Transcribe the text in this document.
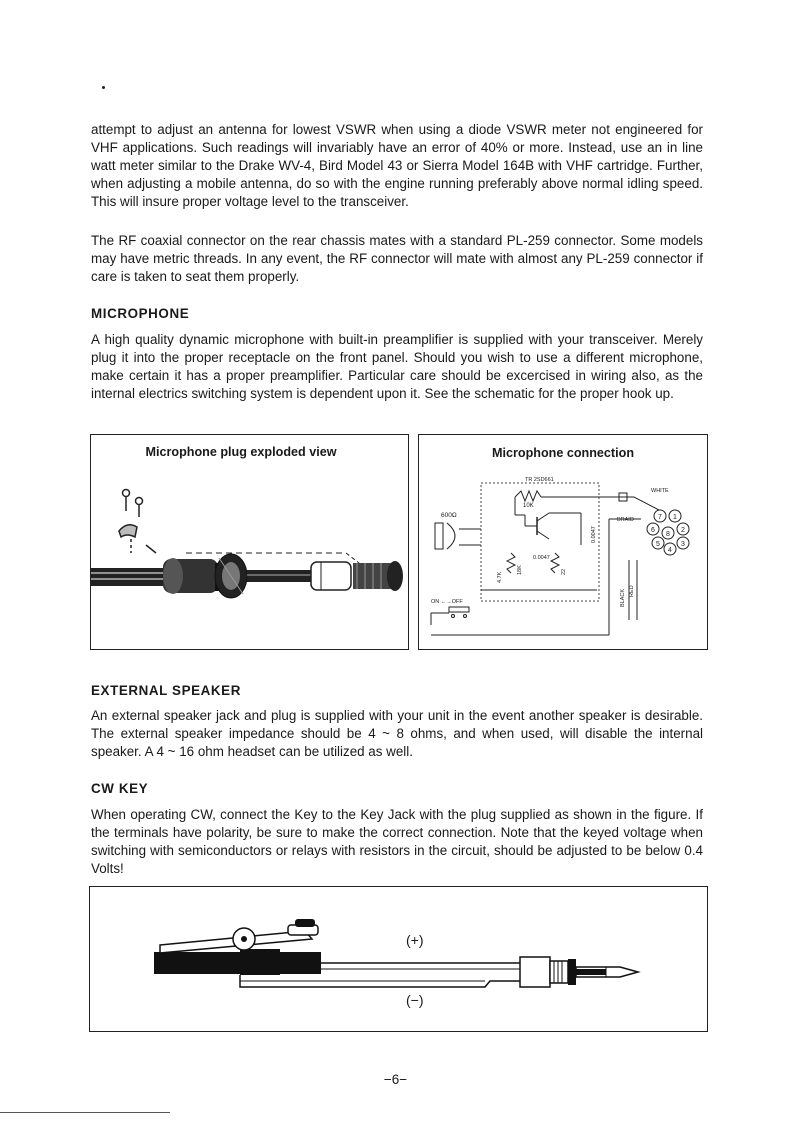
attempt to adjust an antenna for lowest VSWR when using a diode VSWR meter not engineered for VHF applications. Such readings will invariably have an error of 40% or more. Instead, use an in line watt meter similar to the Drake WV-4, Bird Model 43 or Sierra Model 164B with VHF cartridge. Further, when adjusting a mobile antenna, do so with the engine running preferably above normal idling speed. This will insure proper voltage level to the transceiver.

The RF coaxial connector on the rear chassis mates with a standard PL-259 connector. Some models may have metric threads. In any event, the RF connector will mate with almost any PL-259 connector if care is taken to seat them properly.

MICROPHONE

A high quality dynamic microphone with built-in preamplifier is supplied with your transceiver. Merely plug it into the proper receptacle on the front panel. Should you wish to use a different microphone, make certain it has a proper preamplifier. Particular care should be excercised in wiring also, as the internal electrics switching system is dependent upon it. See the schematic for the proper hook up.

Microphone plug exploded view	Microphone connection
TR 2SD661
10K
600Ω
4.7K
18K
0.0047
22
0.0047
ON ←→OFF
WHITE
BRAID
BLACK RED
7 1
6
8
2
5
4
3
EXTERNAL SPEAKER

An external speaker jack and plug is supplied with your unit in the event another speaker is desirable. The external speaker impedance should be 4 ~ 8 ohms, and when used, will disable the internal speaker. A 4 ~ 16 ohm headset can be utilized as well.

CW KEY

When operating CW, connect the Key to the Key Jack with the plug supplied as shown in the figure. If the terminals have polarity, be sure to make the correct connection. Note that the keyed voltage when switching with semiconductors or relays with resistors in the circuit, should be adjusted to be below 0.4 Volts!

(+)
(−)
−6−
